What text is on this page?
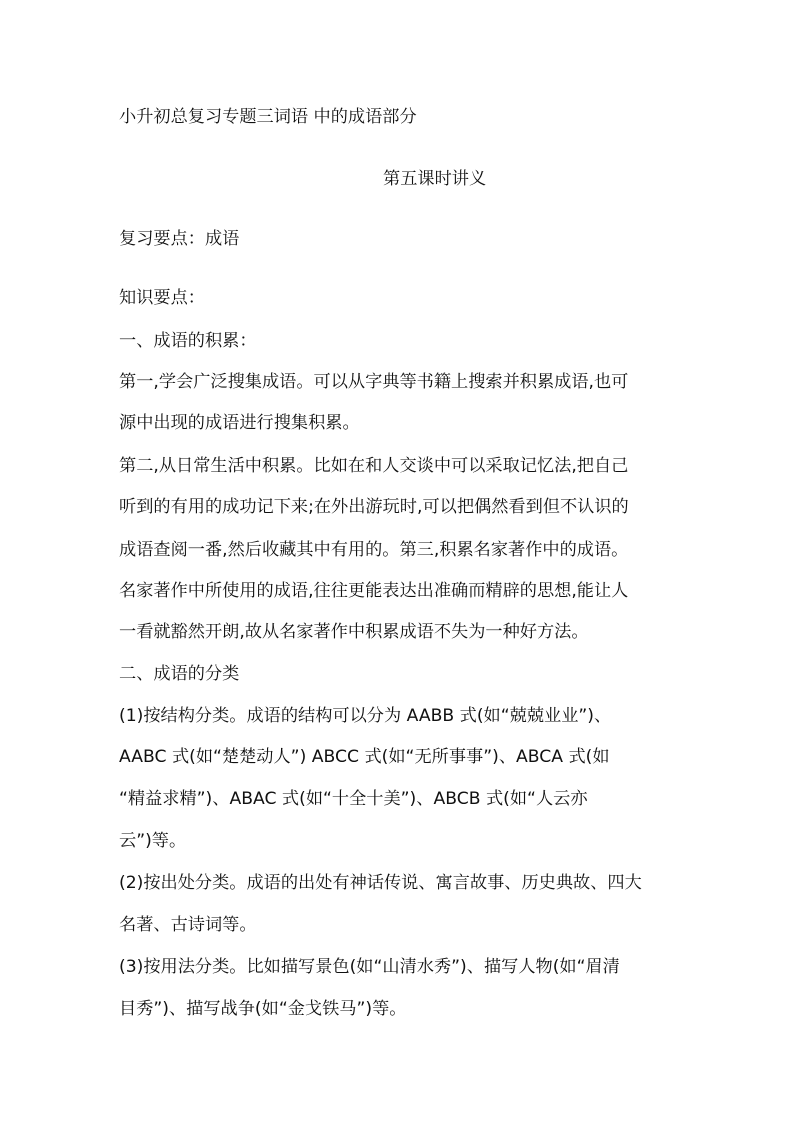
小升初总复习专题三词语 中的成语部分
第五课时讲义
复习要点：成语
知识要点：
一、成语的积累：
第一,学会广泛搜集成语。可以从字典等书籍上搜索并积累成语,也可
源中出现的成语进行搜集积累。
第二,从日常生活中积累。比如在和人交谈中可以采取记忆法,把自己
听到的有用的成功记下来;在外出游玩时,可以把偶然看到但不认识的
成语查阅一番,然后收藏其中有用的。第三,积累名家著作中的成语。
名家著作中所使用的成语,往往更能表达出准确而精辟的思想,能让人
一看就豁然开朗,故从名家著作中积累成语不失为一种好方法。
二、成语的分类
(1)按结构分类。成语的结构可以分为 AABB 式(如“兢兢业业”)、
AABC 式(如“楚楚动人”) ABCC 式(如“无所事事”)、ABCA 式(如
“精益求精”)、ABAC 式(如“十全十美”)、ABCB 式(如“人云亦
云”)等。
(2)按出处分类。成语的出处有神话传说、寓言故事、历史典故、四大
名著、古诗词等。
(3)按用法分类。比如描写景色(如“山清水秀”)、描写人物(如“眉清
目秀”)、描写战争(如“金戈铁马”)等。
